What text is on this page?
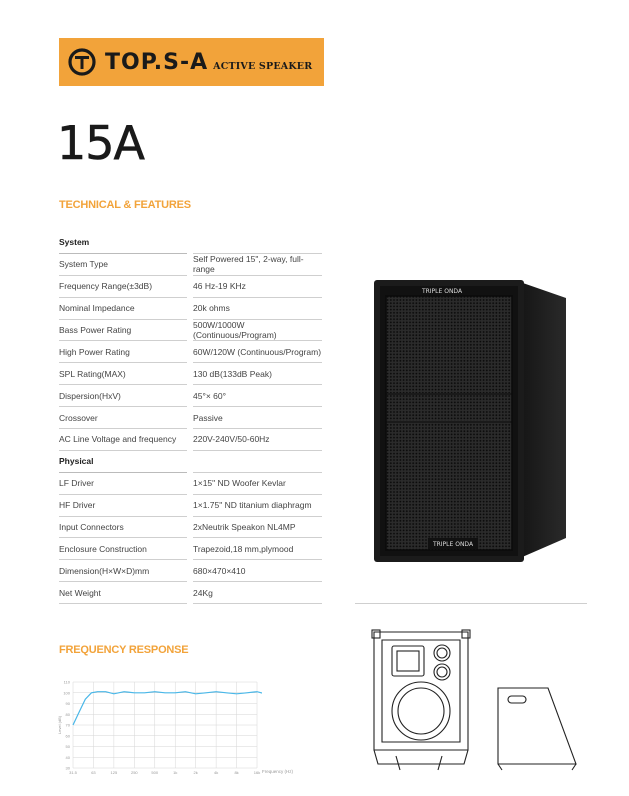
TOP.S-A ACTIVE SPEAKER
15A
TECHNICAL & FEATURES
System
System Type	Self Powered 15", 2-way, full-range
Frequency Range(±3dB)	46 Hz-19 KHz
Nominal Impedance	20k ohms
Bass Power Rating	500W/1000W (Continuous/Program)
High Power Rating	60W/120W (Continuous/Program)
SPL Rating(MAX)	130 dB(133dB Peak)
Dispersion(HxV)	45°× 60°
Crossover	Passive
AC Line Voltage and frequency	220V-240V/50-60Hz
Physical
LF Driver	1×15" ND Woofer Kevlar
HF Driver	1×1.75" ND titanium diaphragm
Input Connectors	2xNeutrik Speakon NL4MP
Enclosure Construction	Trapezoid,18 mm,plymood
Dimension(H×W×D)mm	680×470×410
Net Weight	24Kg
TRIPLE ONDA
TRIPLE ONDA
FREQUENCY RESPONSE
110
100
90
80
70
60
50
40
30
31.5	63	125	250	500	1k	2k	4k	8k	16k
Level (dB)
Frequency (Hz)
